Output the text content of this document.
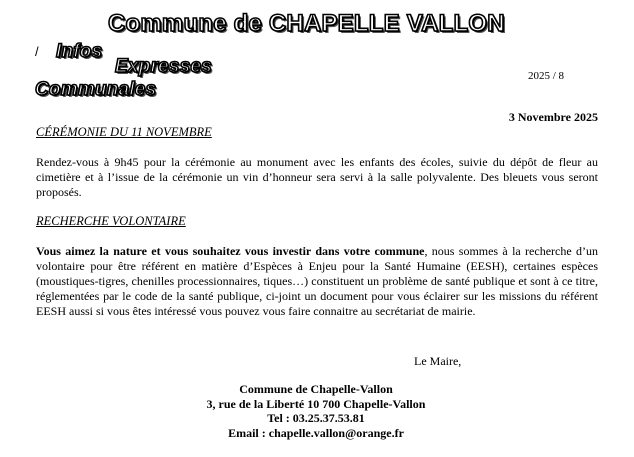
Commune de CHAPELLE VALLON
/ Infos
Expresses
Communales
2025 / 8
3 Novembre 2025
CÉRÉMONIE DU 11 NOVEMBRE

Rendez-vous à 9h45 pour la cérémonie au monument avec les enfants des écoles, suivie du dépôt de fleur au cimetière et à l’issue de la cérémonie un vin d’honneur sera servi à la salle polyvalente. Des bleuets vous seront proposés.

RECHERCHE VOLONTAIRE

Vous aimez la nature et vous souhaitez vous investir dans votre commune, nous sommes à la recherche d’un volontaire pour être référent en matière d’Espèces à Enjeu pour la Santé Humaine (EESH), certaines espèces (moustiques-tigres, chenilles processionnaires, tiques…) constituent un problème de santé publique et sont à ce titre, réglementées par le code de la santé publique, ci-joint un document pour vous éclairer sur les missions du référent EESH aussi si vous êtes intéressé vous pouvez vous faire connaitre au secrétariat de mairie.

Le Maire,
Commune de Chapelle-Vallon
3, rue de la Liberté 10 700 Chapelle-Vallon
Tel : 03.25.37.53.81
Email : chapelle.vallon@orange.fr
